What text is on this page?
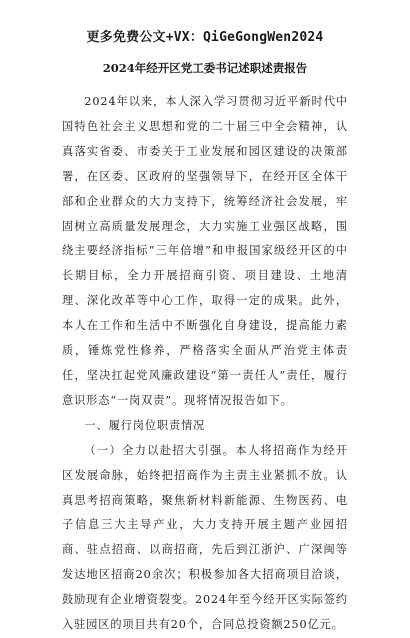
更多免费公文+VX：QiGeGongWen2024
2024年经开区党工委书记述职述责报告

2024年以来，本人深入学习贯彻习近平新时代中国特色社会主义思想和党的二十届三中全会精神，认真落实省委、市委关于工业发展和园区建设的决策部署，在区委、区政府的坚强领导下，在经开区全体干部和企业群众的大力支持下，统筹经济社会发展，牢固树立高质量发展理念，大力实施工业强区战略，围绕主要经济指标“三年倍增”和申报国家级经开区的中长期目标，全力开展招商引资、项目建设、土地清理、深化改革等中心工作，取得一定的成果。此外，本人在工作和生活中不断强化自身建设，提高能力素质，锤炼党性修养，严格落实全面从严治党主体责任，坚决扛起党风廉政建设“第一责任人”责任，履行意识形态“一岗双责”。现将情况报告如下。

一、履行岗位职责情况

（一）全力以赴招大引强。本人将招商作为经开区发展命脉，始终把招商作为主责主业紧抓不放。认真思考招商策略，聚焦新材料新能源、生物医药、电子信息三大主导产业，大力支持开展主题产业园招商、驻点招商、以商招商，先后到江浙沪、广深闽等发达地区招商20余次；积极参加各大招商项目洽谈，鼓励现有企业增资裂变。2024年至今经开区实际签约入驻园区的项目共有20个，合同总投资额250亿元。
